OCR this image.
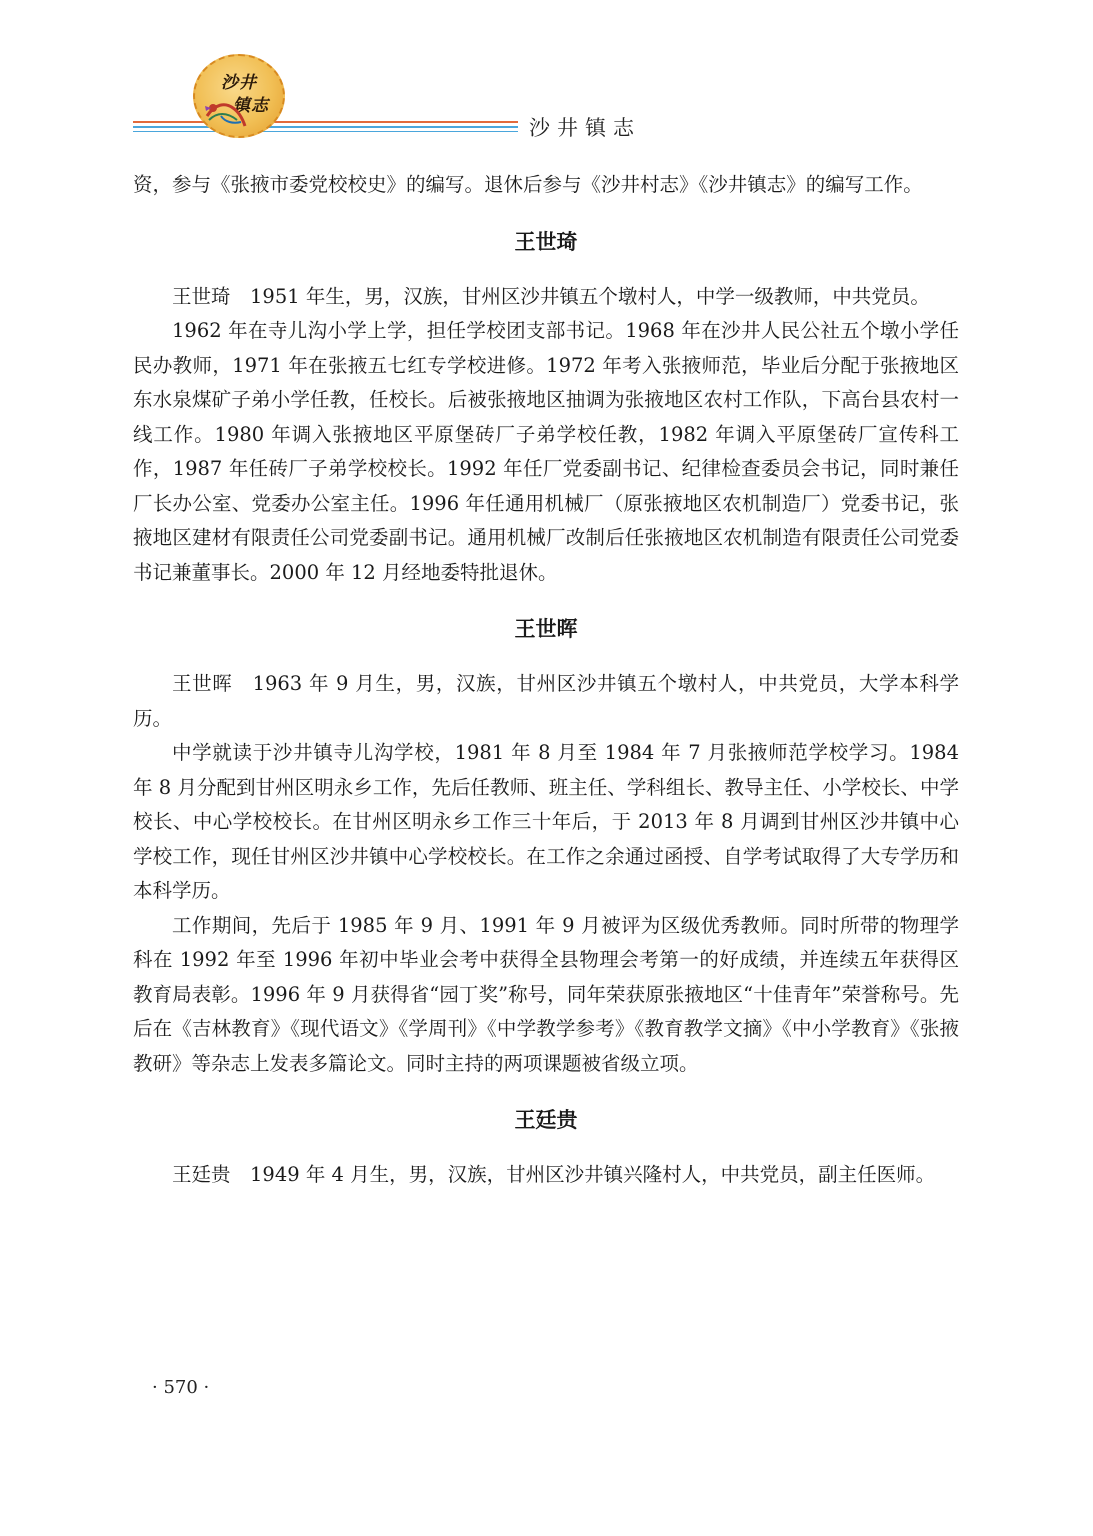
沙井
镇志
沙井镇志

资，参与《张掖市委党校校史》的编写。退休后参与《沙井村志》《沙井镇志》的编写工作。

王世琦

王世琦　1951 年生，男，汉族，甘州区沙井镇五个墩村人，中学一级教师，中共党员。

1962 年在寺儿沟小学上学，担任学校团支部书记。1968 年在沙井人民公社五个墩小学任民办教师，1971 年在张掖五七红专学校进修。1972 年考入张掖师范，毕业后分配于张掖地区东水泉煤矿子弟小学任教，任校长。后被张掖地区抽调为张掖地区农村工作队，下高台县农村一线工作。1980 年调入张掖地区平原堡砖厂子弟学校任教，1982 年调入平原堡砖厂宣传科工作，1987 年任砖厂子弟学校校长。1992 年任厂党委副书记、纪律检查委员会书记，同时兼任厂长办公室、党委办公室主任。1996 年任通用机械厂（原张掖地区农机制造厂）党委书记，张掖地区建材有限责任公司党委副书记。通用机械厂改制后任张掖地区农机制造有限责任公司党委书记兼董事长。2000 年 12 月经地委特批退休。

王世晖

王世晖　1963 年 9 月生，男，汉族，甘州区沙井镇五个墩村人，中共党员，大学本科学历。

中学就读于沙井镇寺儿沟学校，1981 年 8 月至 1984 年 7 月张掖师范学校学习。1984 年 8 月分配到甘州区明永乡工作，先后任教师、班主任、学科组长、教导主任、小学校长、中学校长、中心学校校长。在甘州区明永乡工作三十年后，于 2013 年 8 月调到甘州区沙井镇中心学校工作，现任甘州区沙井镇中心学校校长。在工作之余通过函授、自学考试取得了大专学历和本科学历。

工作期间，先后于 1985 年 9 月、1991 年 9 月被评为区级优秀教师。同时所带的物理学科在 1992 年至 1996 年初中毕业会考中获得全县物理会考第一的好成绩，并连续五年获得区教育局表彰。1996 年 9 月获得省“园丁奖”称号，同年荣获原张掖地区“十佳青年”荣誉称号。先后在《吉林教育》《现代语文》《学周刊》《中学教学参考》《教育教学文摘》《中小学教育》《张掖教研》等杂志上发表多篇论文。同时主持的两项课题被省级立项。

王廷贵

王廷贵　1949 年 4 月生，男，汉族，甘州区沙井镇兴隆村人，中共党员，副主任医师。

· 570 ·
